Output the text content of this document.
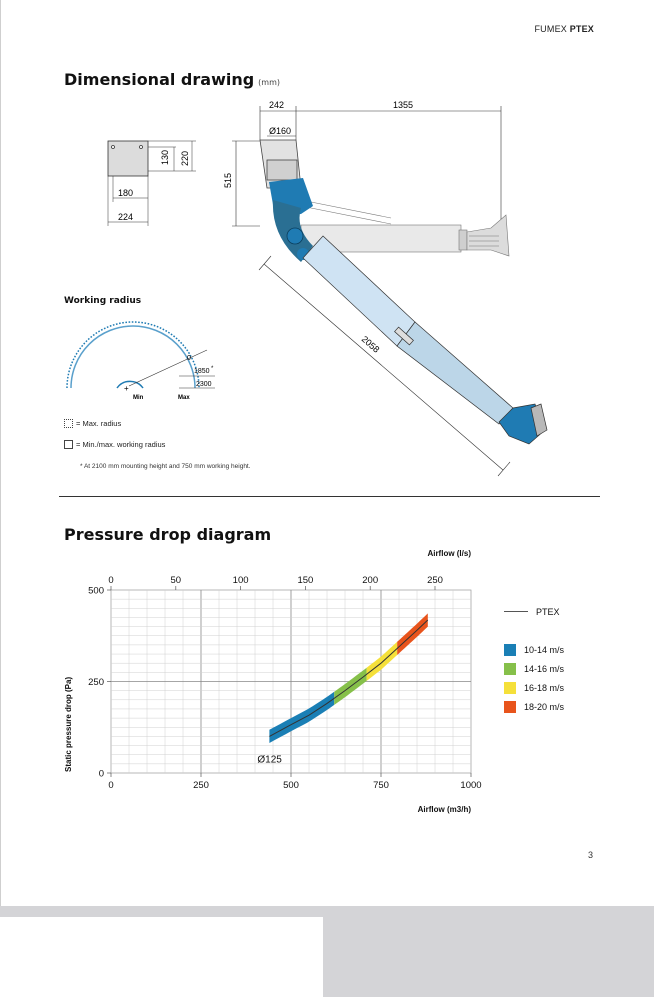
FUMEX PTEX
Dimensional drawing (mm)
130 220
180
224
242	1355
Ø160
515
2058
Working radius
0
1850 *
2300
+
Min	Max
= Max. radius
= Min./max. working radius
* At 2100 mm mounting height and 750 mm working height.
Pressure drop diagram
Ø125
0	250	500	750	1000
0	50	100	150	200	250
0
250
500
Airflow (m3/h)
Airflow (l/s)
Static pressure drop (Pa)
PTEX
10-14 m/s
14-16 m/s
16-18 m/s
18-20 m/s
3
